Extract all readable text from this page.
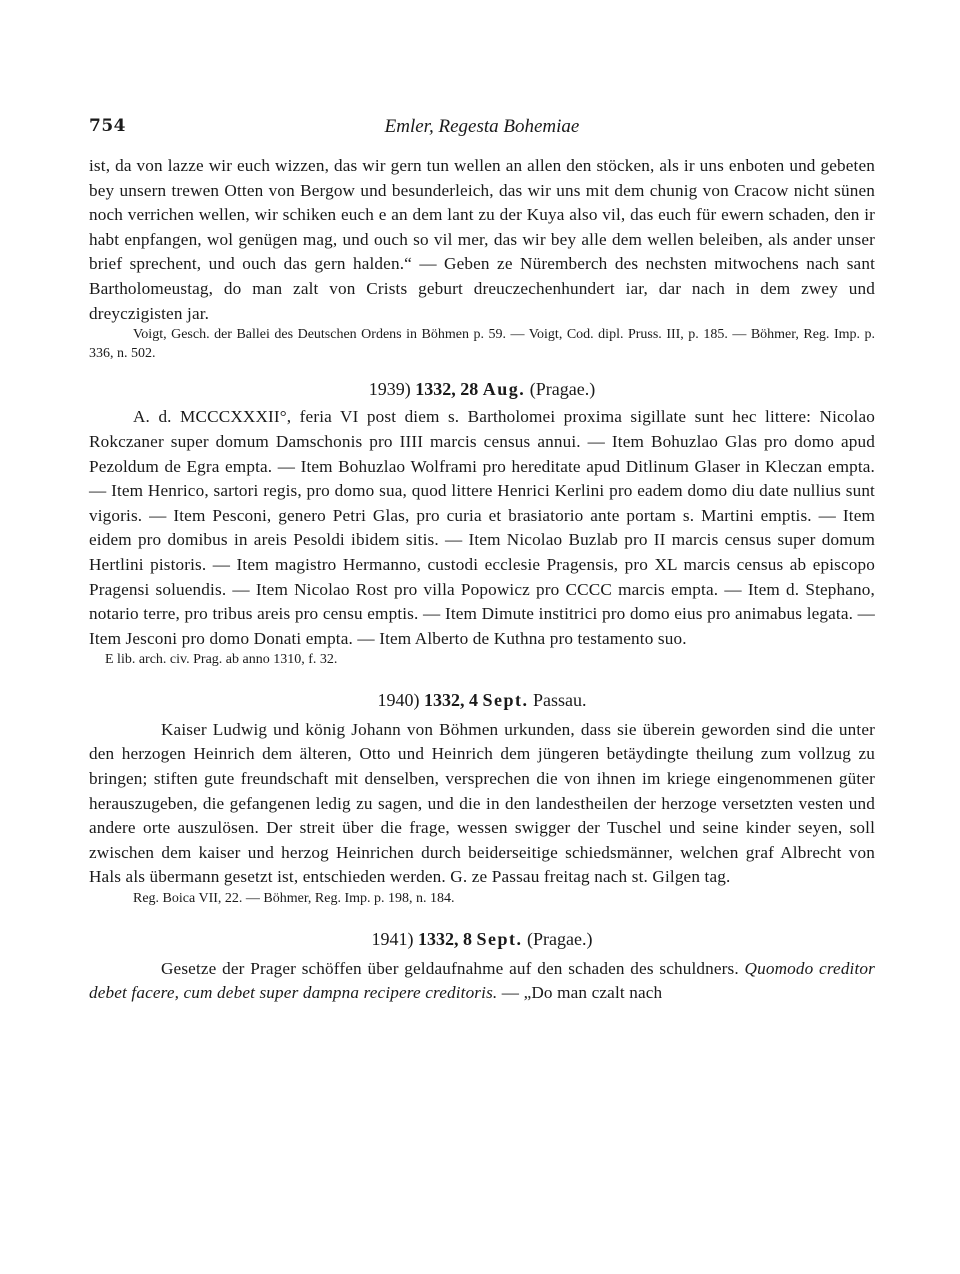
754	Emler, Regesta Bohemiae

ist, da von lazze wir euch wizzen, das wir gern tun wellen an allen den stöcken, als ir uns enboten und gebeten bey unsern trewen Otten von Bergow und besunderleich, das wir uns mit dem chunig von Cracow nicht sünen noch verrichen wellen, wir schiken euch e an dem lant zu der Kuya also vil, das euch für ewern schaden, den ir habt enpfangen, wol genügen mag, und ouch so vil mer, das wir bey alle dem wellen beleiben, als ander unser brief sprechent, und ouch das gern halden.“ — Geben ze Nüremberch des nechsten mitwochens nach sant Bartholomeustag, do man zalt von Crists geburt dreuczechenhundert iar, dar nach in dem zwey und dreyczigisten jar.

Voigt, Gesch. der Ballei des Deutschen Ordens in Böhmen p. 59. — Voigt, Cod. dipl. Pruss. III, p. 185. — Böhmer, Reg. Imp. p. 336, n. 502.

1939) 1332, 28 Aug. (Pragae.)

A. d. MCCCXXXII°, feria VI post diem s. Bartholomei proxima sigillate sunt hec littere: Nicolao Rokczaner super domum Damschonis pro IIII marcis census annui. — Item Bohuzlao Glas pro domo apud Pezoldum de Egra empta. — Item Bohuzlao Wolframi pro hereditate apud Ditlinum Glaser in Kleczan empta. — Item Henrico, sartori regis, pro domo sua, quod littere Henrici Kerlini pro eadem domo diu date nullius sunt vigoris. — Item Pesconi, genero Petri Glas, pro curia et brasiatorio ante portam s. Martini emptis. — Item eidem pro domibus in areis Pesoldi ibidem sitis. — Item Nicolao Buzlab pro II marcis census super domum Hertlini pistoris. — Item magistro Hermanno, custodi ecclesie Pragensis, pro XL marcis census ab episcopo Pragensi soluendis. — Item Nicolao Rost pro villa Popowicz pro CCCC marcis empta. — Item d. Stephano, notario terre, pro tribus areis pro censu emptis. — Item Dimute institrici pro domo eius pro animabus legata. — Item Jesconi pro domo Donati empta. — Item Alberto de Kuthna pro testamento suo.

E lib. arch. civ. Prag. ab anno 1310, f. 32.

1940) 1332, 4 Sept. Passau.

Kaiser Ludwig und könig Johann von Böhmen urkunden, dass sie überein geworden sind die unter den herzogen Heinrich dem älteren, Otto und Heinrich dem jüngeren betäydingte theilung zum vollzug zu bringen; stiften gute freundschaft mit denselben, versprechen die von ihnen im kriege eingenommenen güter herauszugeben, die gefangenen ledig zu sagen, und die in den landestheilen der herzoge versetzten vesten und andere orte auszulösen. Der streit über die frage, wessen swigger der Tuschel und seine kinder seyen, soll zwischen dem kaiser und herzog Heinrichen durch beiderseitige schiedsmänner, welchen graf Albrecht von Hals als übermann gesetzt ist, entschieden werden. G. ze Passau freitag nach st. Gilgen tag.

Reg. Boica VII, 22. — Böhmer, Reg. Imp. p. 198, n. 184.

1941) 1332, 8 Sept. (Pragae.)

Gesetze der Prager schöffen über geldaufnahme auf den schaden des schuldners. Quomodo creditor debet facere, cum debet super dampna recipere creditoris. — „Do man czalt nach
